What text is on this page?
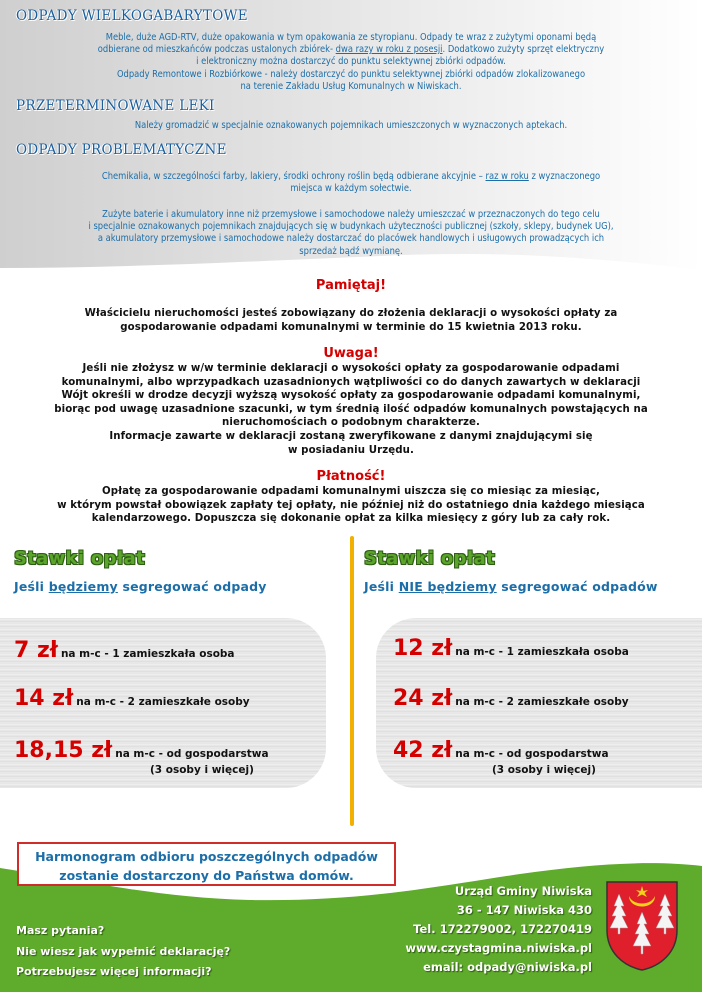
ODPADY WIELKOGABARYTOWE
Meble, duże AGD-RTV, duże opakowania w tym opakowania ze styropianu. Odpady te wraz z zużytymi oponami będą
odbierane od mieszkańców podczas ustalonych zbiórek- dwa razy w roku z posesji. Dodatkowo zużyty sprzęt elektryczny
i elektroniczny można dostarczyć do punktu selektywnej zbiórki odpadów.
Odpady Remontowe i Rozbiórkowe - należy dostarczyć do punktu selektywnej zbiórki odpadów zlokalizowanego
na terenie Zakładu Usług Komunalnych w Niwiskach.
PRZETERMINOWANE LEKI
Należy gromadzić w specjalnie oznakowanych pojemnikach umieszczonych w wyznaczonych aptekach.
ODPADY PROBLEMATYCZNE
Chemikalia, w szczególności farby, lakiery, środki ochrony roślin będą odbierane akcyjnie – raz w roku z wyznaczonego
miejsca w każdym sołectwie.
Zużyte baterie i akumulatory inne niż przemysłowe i samochodowe należy umieszczać w przeznaczonych do tego celu
i specjalnie oznakowanych pojemnikach znajdujących się w budynkach użyteczności publicznej (szkoły, sklepy, budynek UG),
a akumulatory przemysłowe i samochodowe należy dostarczać do placówek handlowych i usługowych prowadzących ich
sprzedaż bądź wymianę.
Pamiętaj!
Właścicielu nieruchomości jesteś zobowiązany do złożenia deklaracji o wysokości opłaty za
gospodarowanie odpadami komunalnymi w terminie do 15 kwietnia 2013 roku.
Uwaga!
Jeśli nie złożysz w w/w terminie deklaracji o wysokości opłaty za gospodarowanie odpadami
komunalnymi, albo wprzypadkach uzasadnionych wątpliwości co do danych zawartych w deklaracji
Wójt określi w drodze decyzji wyższą wysokość opłaty za gospodarowanie odpadami komunalnymi,
biorąc pod uwagę uzasadnione szacunki, w tym średnią ilość odpadów komunalnych powstających na
nieruchomościach o podobnym charakterze.
Informacje zawarte w deklaracji zostaną zweryfikowane z danymi znajdującymi się
w posiadaniu Urzędu.
Płatność!
Opłatę za gospodarowanie odpadami komunalnymi uiszcza się co miesiąc za miesiąc,
w którym powstał obowiązek zapłaty tej opłaty, nie później niż do ostatniego dnia każdego miesiąca
kalendarzowego. Dopuszcza się dokonanie opłat za kilka miesięcy z góry lub za cały rok.
Stawki opłat
Jeśli będziemy segregować odpady
7 zł na m-c - 1 zamieszkała osoba
14 zł na m-c - 2 zamieszkałe osoby
18,15 zł na m-c - od gospodarstwa
(3 osoby i więcej)
Stawki opłat
Jeśli NIE będziemy segregować odpadów
12 zł na m-c - 1 zamieszkała osoba
24 zł na m-c - 2 zamieszkałe osoby
42 zł na m-c - od gospodarstwa
(3 osoby i więcej)
Harmonogram odbioru poszczególnych odpadów
zostanie dostarczony do Państwa domów.
Masz pytania?
Nie wiesz jak wypełnić deklarację?
Potrzebujesz więcej informacji?
Urząd Gminy Niwiska
36 - 147 Niwiska 430
Tel. 172279002, 172270419
www.czystagmina.niwiska.pl
email: odpady@niwiska.pl
